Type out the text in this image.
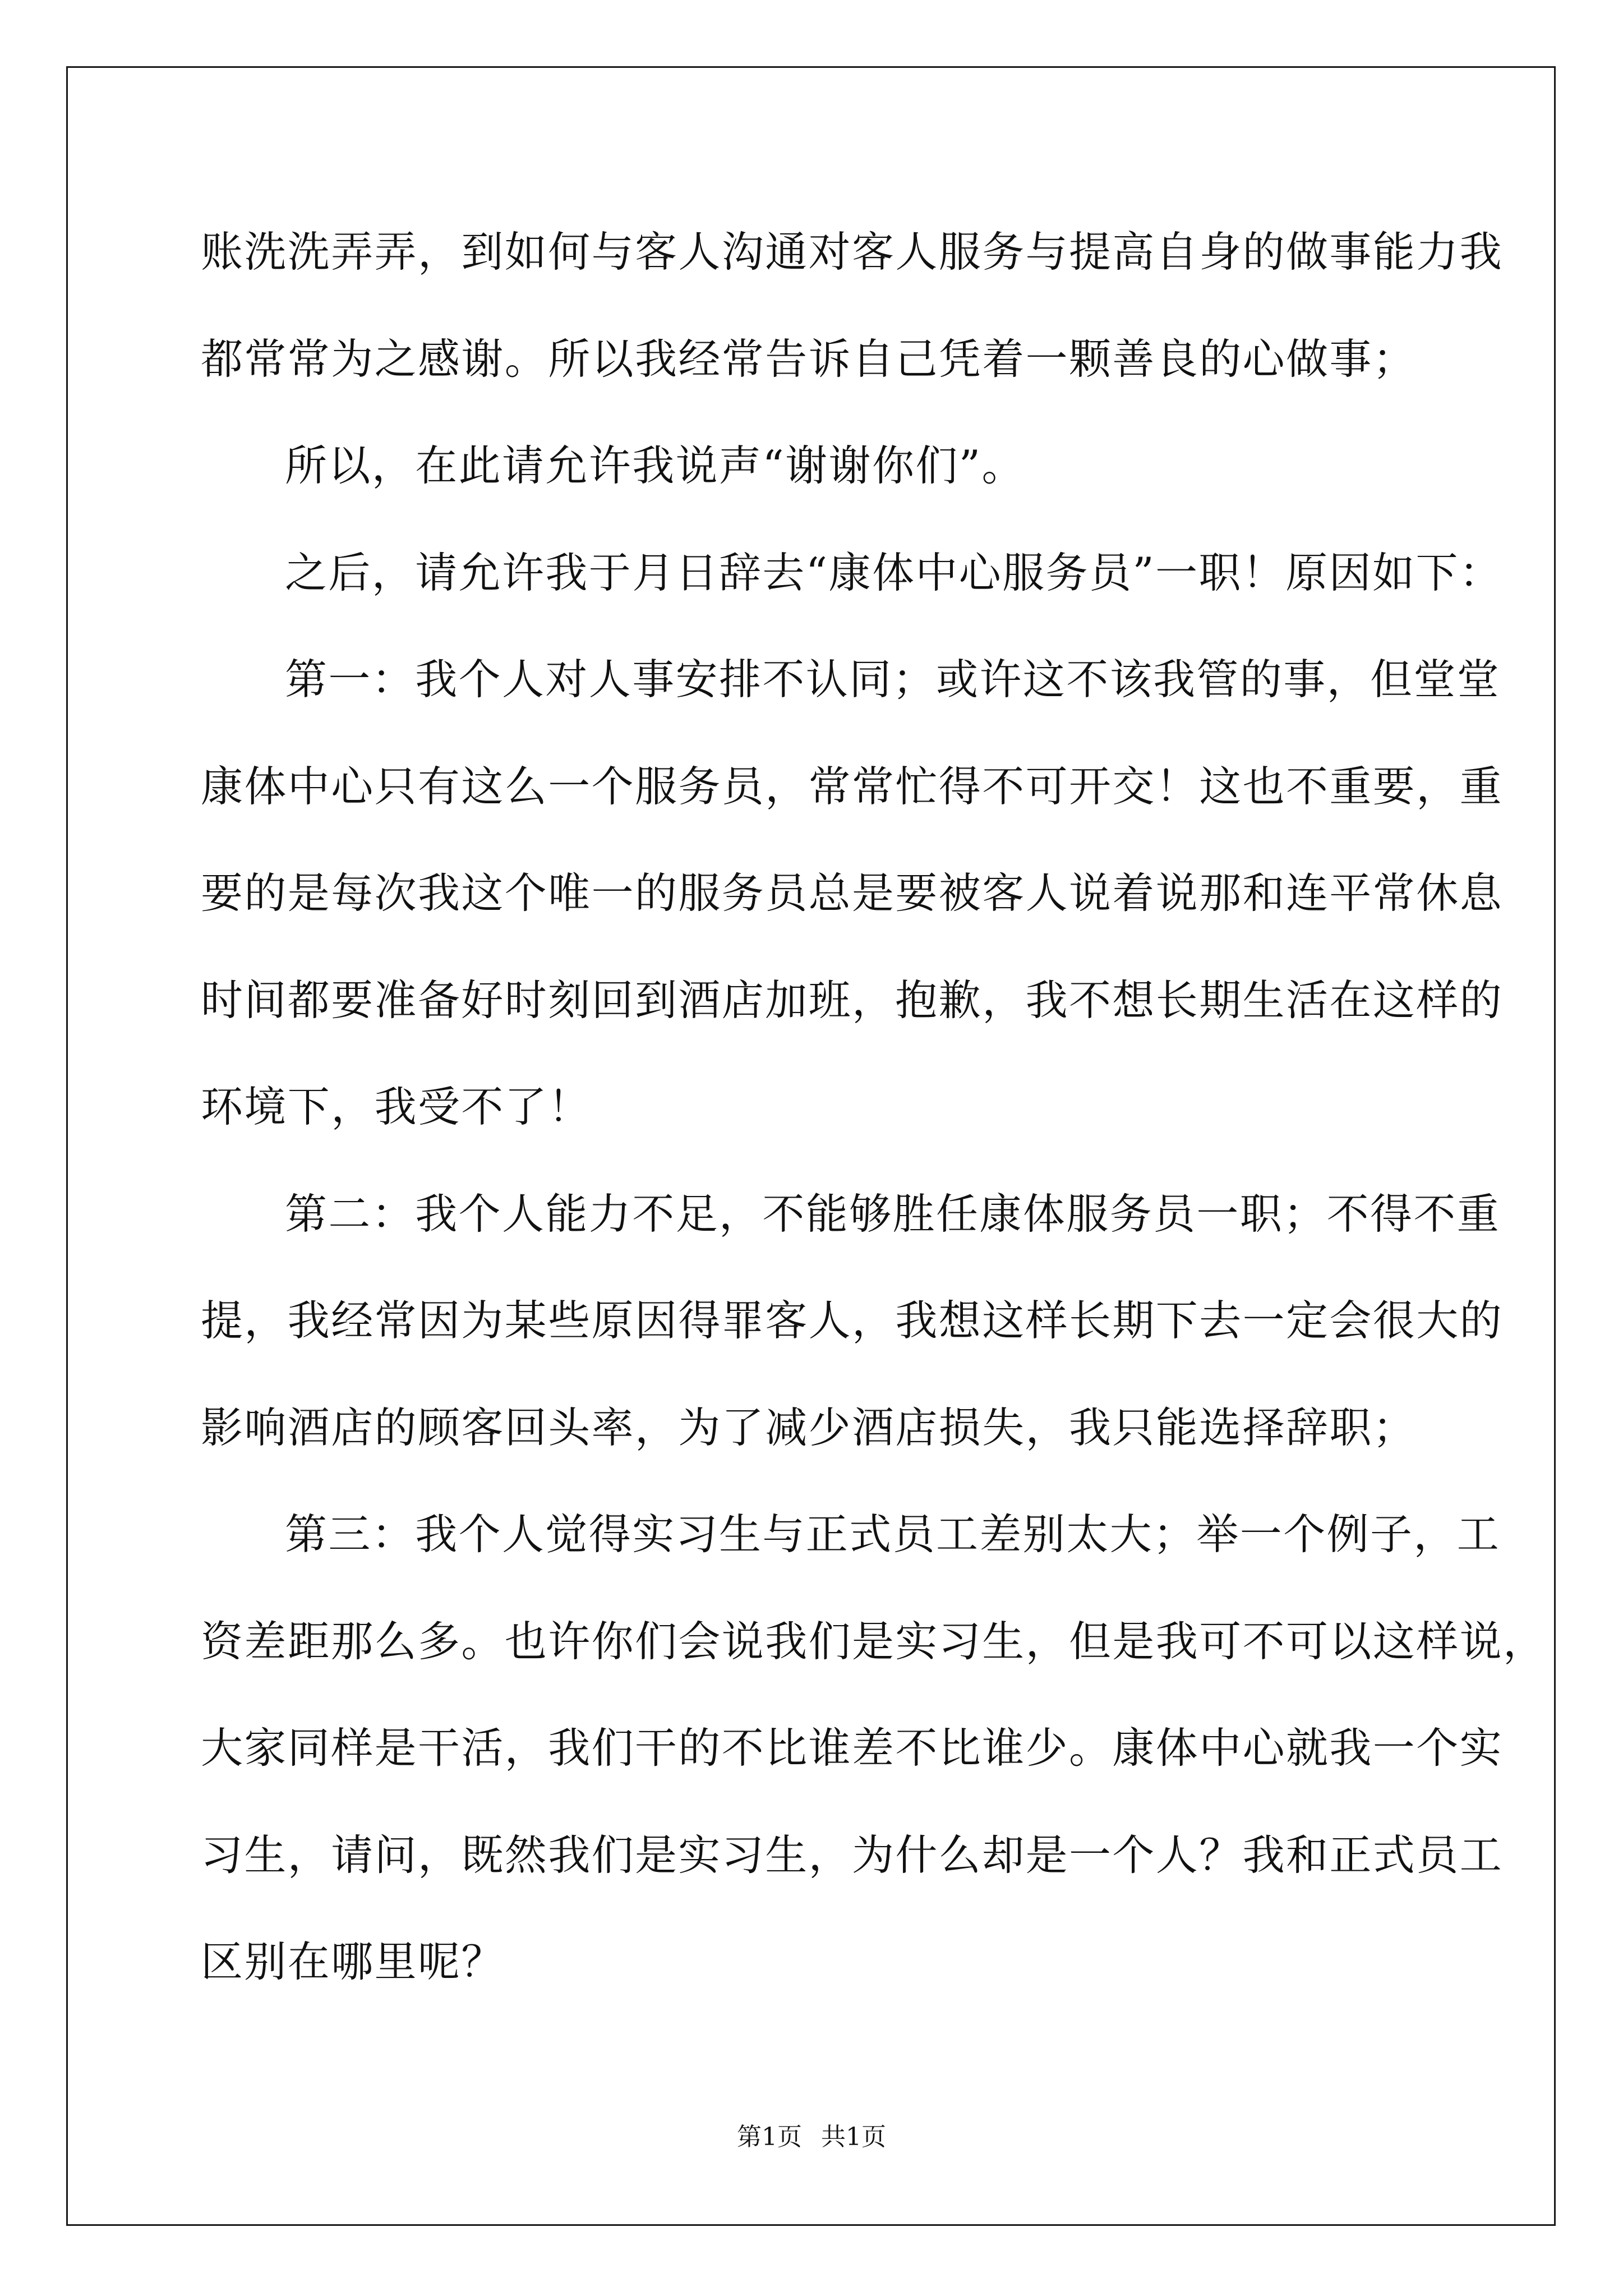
账洗洗弄弄，到如何与客人沟通对客人服务与提高自身的做事能力我
都常常为之感谢。所以我经常告诉自己凭着一颗善良的心做事；
所以，在此请允许我说声“谢谢你们”。
之后，请允许我于月日辞去“康体中心服务员”一职！原因如下：
第一：我个人对人事安排不认同；或许这不该我管的事，但堂堂
康体中心只有这么一个服务员，常常忙得不可开交！这也不重要，重
要的是每次我这个唯一的服务员总是要被客人说着说那和连平常休息
时间都要准备好时刻回到酒店加班，抱歉，我不想长期生活在这样的
环境下，我受不了！
第二：我个人能力不足，不能够胜任康体服务员一职；不得不重
提，我经常因为某些原因得罪客人，我想这样长期下去一定会很大的
影响酒店的顾客回头率，为了减少酒店损失，我只能选择辞职；
第三：我个人觉得实习生与正式员工差别太大；举一个例子，工
资差距那么多。也许你们会说我们是实习生，但是我可不可以这样说，
大家同样是干活，我们干的不比谁差不比谁少。康体中心就我一个实
习生，请问，既然我们是实习生，为什么却是一个人？我和正式员工
区别在哪里呢？
第1页 共1页
